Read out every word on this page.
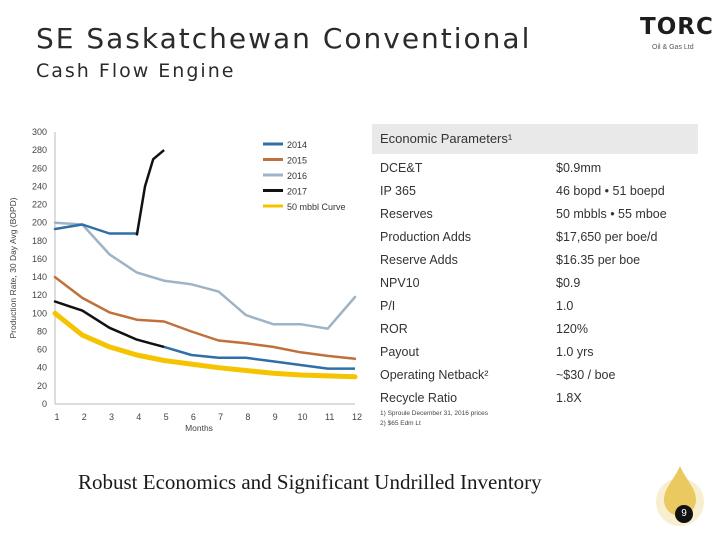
SE Saskatchewan Conventional
Cash Flow Engine
TORC
Oil & Gas Ltd
0
20
40
60
80
100
120
140
160
180
200
220
240
260
280
300
1 2 3 4 5 6 7 8 9 10 11 12
Months
Production Rate, 30 Day Avg (BOPD)
2014
2015
2016
2017
50 mbbl Curve
Economic Parameters¹
DCE&T	$0.9mm
IP 365	46 bopd • 51 boepd
Reserves	50 mbbls • 55 mboe
Production Adds	$17,650 per boe/d
Reserve Adds	$16.35 per boe
NPV10	$0.9
P/I	1.0
ROR	120%
Payout	1.0 yrs
Operating Netback²	~$30 / boe
Recycle Ratio	1.8X
1) Sproule December 31, 2016 prices
2) $65 Edm Lt
Robust Economics and Significant Undrilled Inventory
9
